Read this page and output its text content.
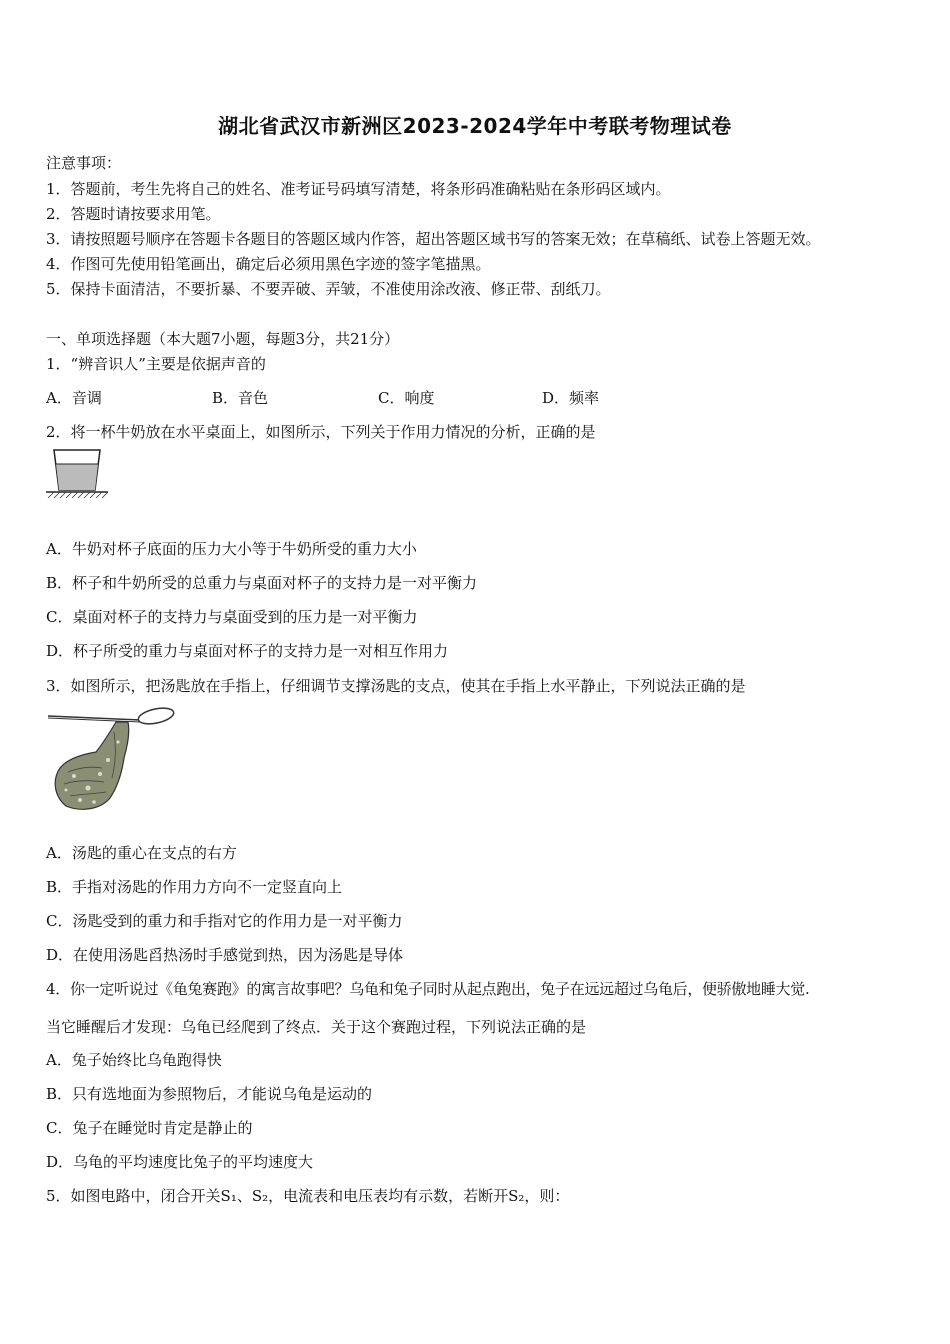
湖北省武汉市新洲区2023-2024学年中考联考物理试卷
注意事项：
1．答题前，考生先将自己的姓名、准考证号码填写清楚，将条形码准确粘贴在条形码区域内。
2．答题时请按要求用笔。
3．请按照题号顺序在答题卡各题目的答题区域内作答，超出答题区域书写的答案无效；在草稿纸、试卷上答题无效。
4．作图可先使用铅笔画出，确定后必须用黑色字迹的签字笔描黑。
5．保持卡面清洁，不要折暴、不要弄破、弄皱，不准使用涂改液、修正带、刮纸刀。
一、单项选择题（本大题7小题，每题3分，共21分）
1．“辨音识人”主要是依据声音的
A．音调	B．音色	C．响度	D．频率
2．将一杯牛奶放在水平桌面上，如图所示，下列关于作用力情况的分析，正确的是
A．牛奶对杯子底面的压力大小等于牛奶所受的重力大小
B．杯子和牛奶所受的总重力与桌面对杯子的支持力是一对平衡力
C．桌面对杯子的支持力与桌面受到的压力是一对平衡力
D．杯子所受的重力与桌面对杯子的支持力是一对相互作用力
3．如图所示，把汤匙放在手指上，仔细调节支撑汤匙的支点，使其在手指上水平静止，下列说法正确的是
A．汤匙的重心在支点的右方
B．手指对汤匙的作用力方向不一定竖直向上
C．汤匙受到的重力和手指对它的作用力是一对平衡力
D．在使用汤匙舀热汤时手感觉到热，因为汤匙是导体
4．你一定听说过《龟兔赛跑》的寓言故事吧？乌龟和兔子同时从起点跑出，兔子在远远超过乌龟后，便骄傲地睡大觉.
当它睡醒后才发现：乌龟已经爬到了终点．关于这个赛跑过程，下列说法正确的是
A．兔子始终比乌龟跑得快
B．只有选地面为参照物后，才能说乌龟是运动的
C．兔子在睡觉时肯定是静止的
D．乌龟的平均速度比兔子的平均速度大
5．如图电路中，闭合开关S₁、S₂，电流表和电压表均有示数，若断开S₂，则：
